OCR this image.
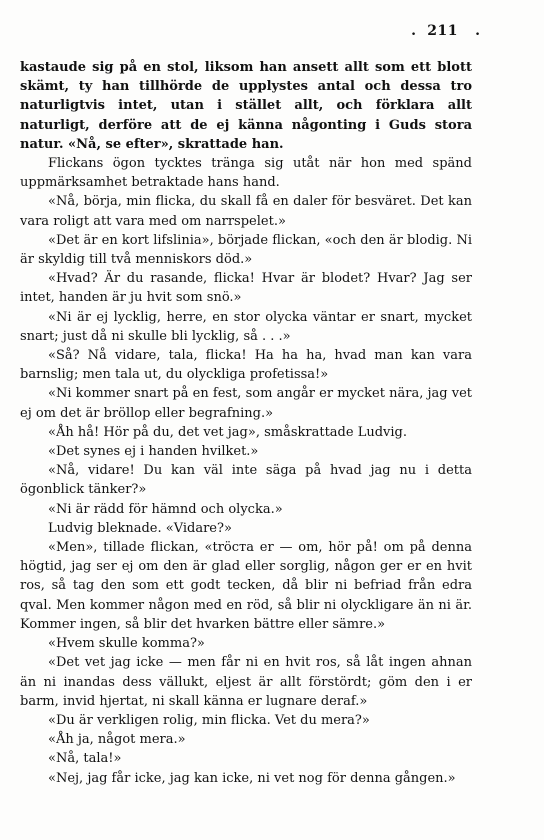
. 211 .

kastaude sig på en stol, liksom han ansett allt som ett blott skämt, ty han tillhörde de upplystes antal och dessa tro naturligtvis intet, utan i stället allt, och förklara allt naturligt, derföre att de ej känna någonting i Guds stora natur. «Nå, se efter», skrattade han.

Flickans ögon tycktes tränga sig utåt när hon med spänd uppmärksamhet betraktade hans hand.

«Nå, börja, min flicka, du skall få en daler för besväret. Det kan vara roligt att vara med om narrspelet.»

«Det är en kort lifslinia», började flickan, «och den är blodig. Ni är skyldig till två menniskors död.»

«Hvad? Är du rasande, flicka! Hvar är blodet? Hvar? Jag ser intet, handen är ju hvit som snö.»

«Ni är ej lycklig, herre, en stor olycka väntar er snart, mycket snart; just då ni skulle bli lycklig, så . . .»

«Så? Nå vidare, tala, flicka! Ha ha ha, hvad man kan vara barnslig; men tala ut, du olyckliga profetissa!»

«Ni kommer snart på en fest, som angår er mycket nära, jag vet ej om det är bröllop eller begrafning.»

«Åh hå! Hör på du, det vet jag», småskrattade Ludvig.

«Det synes ej i handen hvilket.»

«Nå, vidare! Du kan väl inte säga på hvad jag nu i detta ögonblick tänker?»

«Ni är rädd för hämnd och olycka.»

Ludvig bleknade. «Vidare?»

«Men», tillade flickan, «tröста er — om, hör på! om på denna högtid, jag ser ej om den är glad eller sorglig, någon ger er en hvit ros, så tag den som ett godt tecken, då blir ni befriad från edra qval. Men kommer någon med en röd, så blir ni olyckligare än ni är. Kommer ingen, så blir det hvarken bättre eller sämre.»

«Hvem skulle komma?»

«Det vet jag icke — men får ni en hvit ros, så låt ingen ahnan än ni inandas dess vällukt, eljest är allt förstördt; göm den i er barm, invid hjertat, ni skall känna er lugnare deraf.»

«Du är verkligen rolig, min flicka. Vet du mera?»

«Åh ja, något mera.»

«Nå, tala!»

«Nej, jag får icke, jag kan icke, ni vet nog för denna gången.»
